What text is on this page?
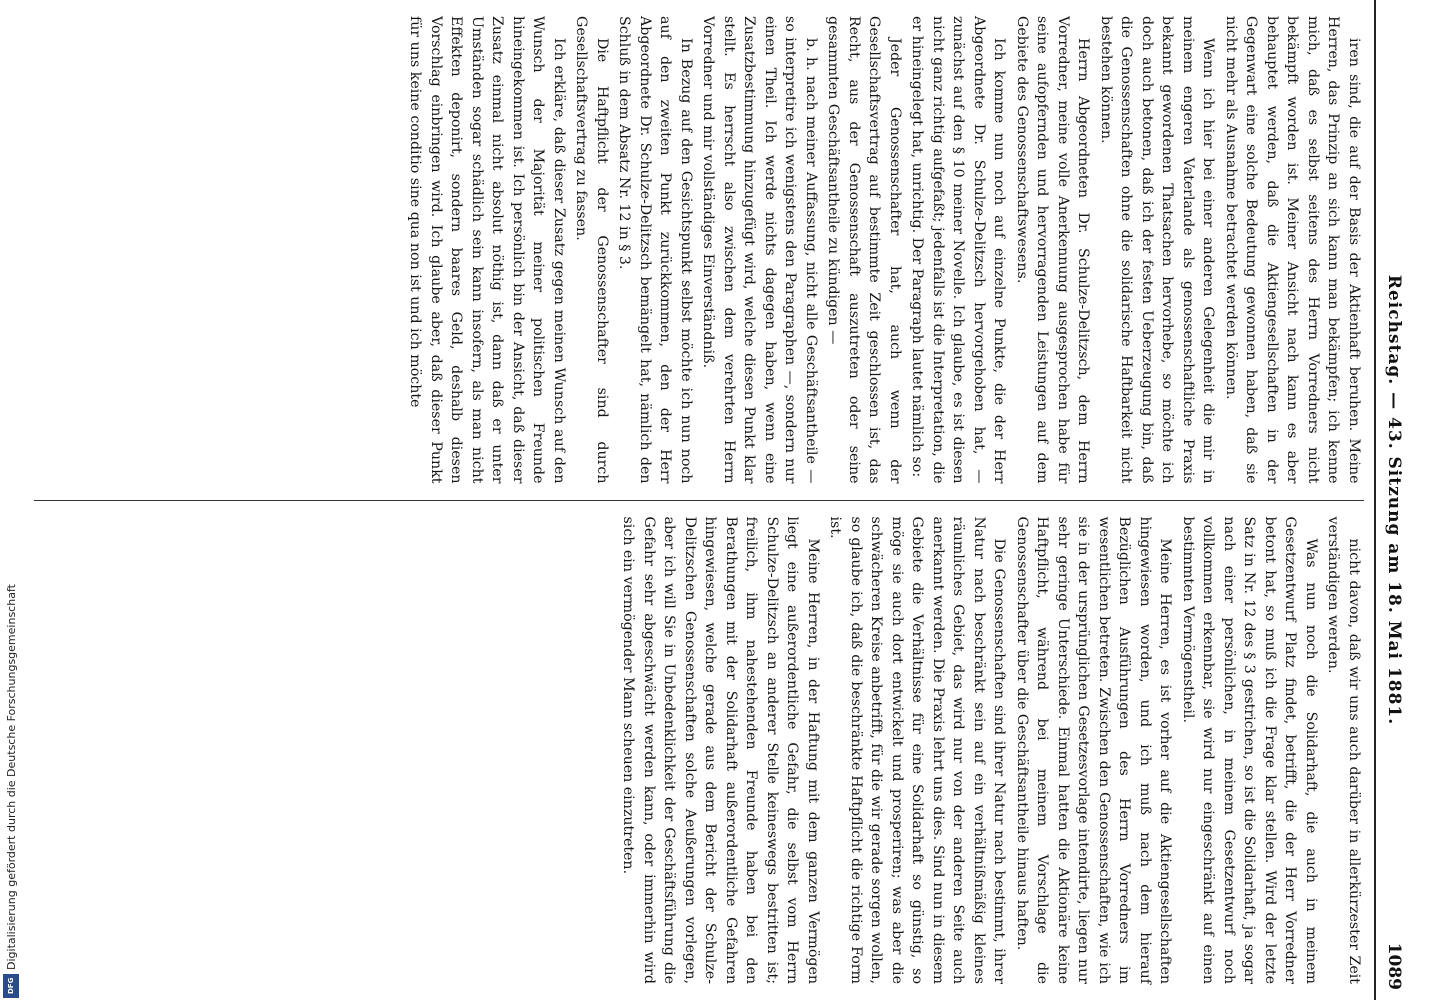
Reichstag. — 43. Sitzung am 18. Mai 1881.
1089

iren sind, die auf der Basis der Aktienhaft beruhen. Meine Herren, das Prinzip an sich kann man bekämpfen; ich kenne mich, daß es selbst seitens des Herrn Vorredners nicht bekämpft worden ist. Meiner Ansicht nach kann es aber behauptet werden, daß die Aktiengesellschaften in der Gegenwart eine solche Bedeutung gewonnen haben, daß sie nicht mehr als Ausnahme betrachtet werden können.

Wenn ich hier bei einer anderen Gelegenheit die mir in meinem engeren Vaterlande als genossenschaftliche Praxis bekannt gewordenen Thatsachen hervorhebe, so möchte ich doch auch betonen, daß ich der festen Ueberzeugung bin, daß die Genossenschaften ohne die solidarische Haftbarkeit nicht bestehen können.

Herrn Abgeordneten Dr. Schulze-Delitzsch, dem Herrn Vorredner, meine volle Anerkennung ausgesprochen habe für seine aufopfernden und hervorragenden Leistungen auf dem Gebiete des Genossenschaftswesens.

Ich komme nun noch auf einzelne Punkte, die der Herr Abgeordnete Dr. Schulze-Delitzsch hervorgehoben hat, — zunächst auf den § 10 meiner Novelle. Ich glaube, es ist diesen nicht ganz richtig aufgefaßt; jedenfalls ist die Interpretation, die er hineingelegt hat, unrichtig. Der Paragraph lautet nämlich so:

Jeder Genossenschafter hat, auch wenn der Gesellschaftsvertrag auf bestimmte Zeit geschlossen ist, das Recht, aus der Genossenschaft auszutreten oder seine gesammten Geschäftsantheile zu kündigen —

b. h. nach meiner Auffassung, nicht alle Geschäftsantheile — so interpretire ich wenigstens den Paragraphen —, sondern nur einen Theil. Ich werde nichts dagegen haben, wenn eine Zusatzbestimmung hinzugefügt wird, welche diesen Punkt klar stellt. Es herrscht also zwischen dem verehrten Herrn Vorredner und mir vollständiges Einverständniß.

In Bezug auf den Gesichtspunkt selbst möchte ich nun noch auf den zweiten Punkt zurückkommen, den der Herr Abgeordnete Dr. Schulze-Delitzsch bemängelt hat, nämlich den Schluß in dem Absatz Nr. 12 in § 3.

Die Haftpflicht der Genossenschafter sind durch Gesellschaftsvertrag zu fassen.

Ich erkläre, daß dieser Zusatz gegen meinen Wunsch auf den Wunsch der Majorität meiner politischen Freunde hineingekommen ist. Ich persönlich bin der Ansicht, daß dieser Zusatz einmal nicht absolut nöthig ist, dann daß er unter Umständen sogar schädlich sein kann insofern, als man nicht Effekten deponirt, sondern baares Geld, deshalb diesen Vorschlag einbringen wird. Ich glaube aber, daß dieser Punkt für uns keine conditio sine qua non ist und ich möchte

nicht davon, daß wir uns auch darüber in allerkürzester Zeit verständigen werden.

Was nun noch die Solidarhaft, die auch in meinem Gesetzentwurf Platz findet, betrifft, die der Herr Vorredner betont hat, so muß ich die Frage klar stellen. Wird der letzte Satz in Nr. 12 des § 3 gestrichen, so ist die Solidarhaft, ja sogar nach einer persönlichen, in meinem Gesetzentwurf noch vollkommen erkennbar, sie wird nur eingeschränkt auf einen bestimmten Vermögenstheil.

Meine Herren, es ist vorher auf die Aktiengesellschaften hingewiesen worden, und ich muß nach dem hierauf Bezüglichen Ausführungen des Herrn Vorredners im wesentlichen betreten. Zwischen den Genossenschaften, wie ich sie in der ursprünglichen Gesetzesvorlage intendirte, liegen nur sehr geringe Unterschiede. Einmal hatten die Aktionäre keine Haftpflicht, während bei meinem Vorschlage die Genossenschafter über die Geschäftsantheile hinaus haften.

Die Genossenschaften sind ihrer Natur nach bestimmt, ihrer Natur nach beschränkt sein auf ein verhältnißmäßig kleines räumliches Gebiet, das wird nur von der anderen Seite auch anerkannt werden. Die Praxis lehrt uns dies. Sind nun in diesem Gebiete die Verhältnisse für eine Solidarhaft so günstig, so möge sie auch dort entwickelt und prosperiren; was aber die schwächeren Kreise anbetrifft, für die wir gerade sorgen wollen, so glaube ich, daß die beschränkte Haftpflicht die richtige Form ist.

Meine Herren, in der Haftung mit dem ganzen Vermögen liegt eine außerordentliche Gefahr, die selbst vom Herrn Schulze-Delitzsch an anderer Stelle keineswegs bestritten ist; freilich, ihm nahestehenden Freunde haben bei den Berathungen mit der Solidarhaft außerordentliche Gefahren hingewiesen, welche gerade aus dem Bericht der Schulze-Delitzschen Genossenschaften solche Aeußerungen vorlegen, aber ich will Sie in Unbedenklichkeit der Geschäftsführung die Gefahr sehr abgeschwächt werden kann, oder immerhin wird sich ein vermögender Mann scheuen einzutreten.

Digitalisierung gefördert durch die Deutsche Forschungsgemeinschaft
DFG
